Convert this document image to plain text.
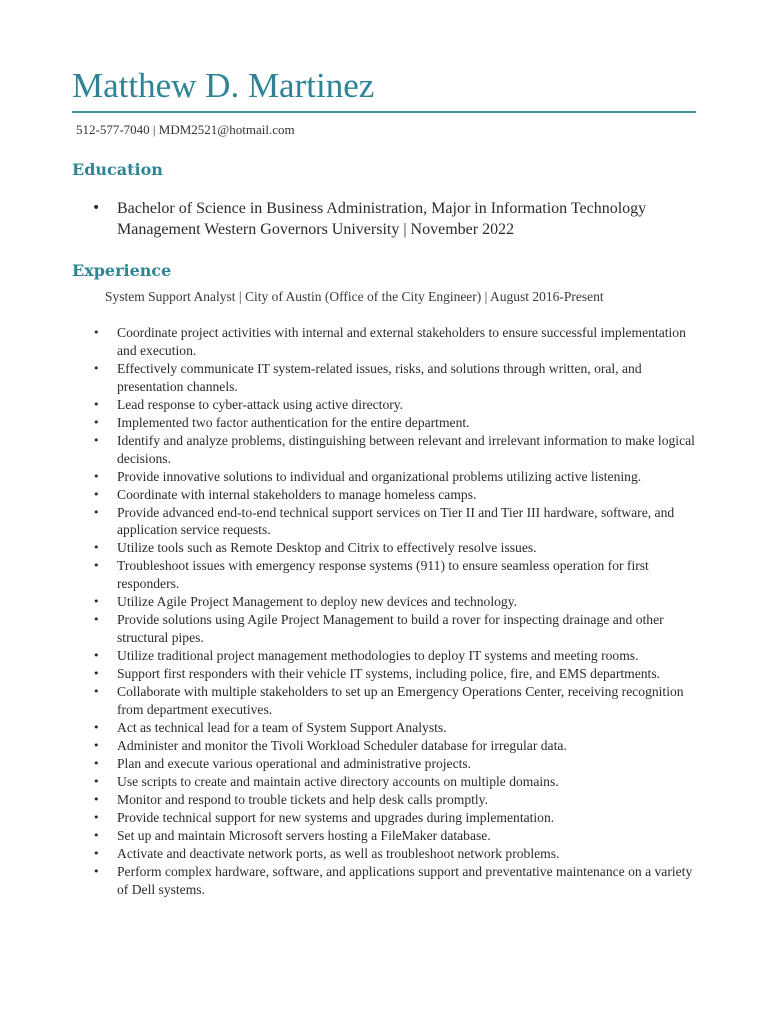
Matthew D. Martinez
512-577-7040 | MDM2521@hotmail.com
Education
• Bachelor of Science in Business Administration, Major in Information Technology Management Western Governors University | November 2022
Experience
System Support Analyst | City of Austin (Office of the City Engineer) | August 2016-Present
• Coordinate project activities with internal and external stakeholders to ensure successful implementation and execution.
• Effectively communicate IT system-related issues, risks, and solutions through written, oral, and presentation channels.
• Lead response to cyber-attack using active directory.
• Implemented two factor authentication for the entire department.
• Identify and analyze problems, distinguishing between relevant and irrelevant information to make logical decisions.
• Provide innovative solutions to individual and organizational problems utilizing active listening.
• Coordinate with internal stakeholders to manage homeless camps.
• Provide advanced end-to-end technical support services on Tier II and Tier III hardware, software, and application service requests.
• Utilize tools such as Remote Desktop and Citrix to effectively resolve issues.
• Troubleshoot issues with emergency response systems (911) to ensure seamless operation for first responders.
• Utilize Agile Project Management to deploy new devices and technology.
• Provide solutions using Agile Project Management to build a rover for inspecting drainage and other structural pipes.
• Utilize traditional project management methodologies to deploy IT systems and meeting rooms.
• Support first responders with their vehicle IT systems, including police, fire, and EMS departments.
• Collaborate with multiple stakeholders to set up an Emergency Operations Center, receiving recognition from department executives.
• Act as technical lead for a team of System Support Analysts.
• Administer and monitor the Tivoli Workload Scheduler database for irregular data.
• Plan and execute various operational and administrative projects.
• Use scripts to create and maintain active directory accounts on multiple domains.
• Monitor and respond to trouble tickets and help desk calls promptly.
• Provide technical support for new systems and upgrades during implementation.
• Set up and maintain Microsoft servers hosting a FileMaker database.
• Activate and deactivate network ports, as well as troubleshoot network problems.
• Perform complex hardware, software, and applications support and preventative maintenance on a variety of Dell systems.
